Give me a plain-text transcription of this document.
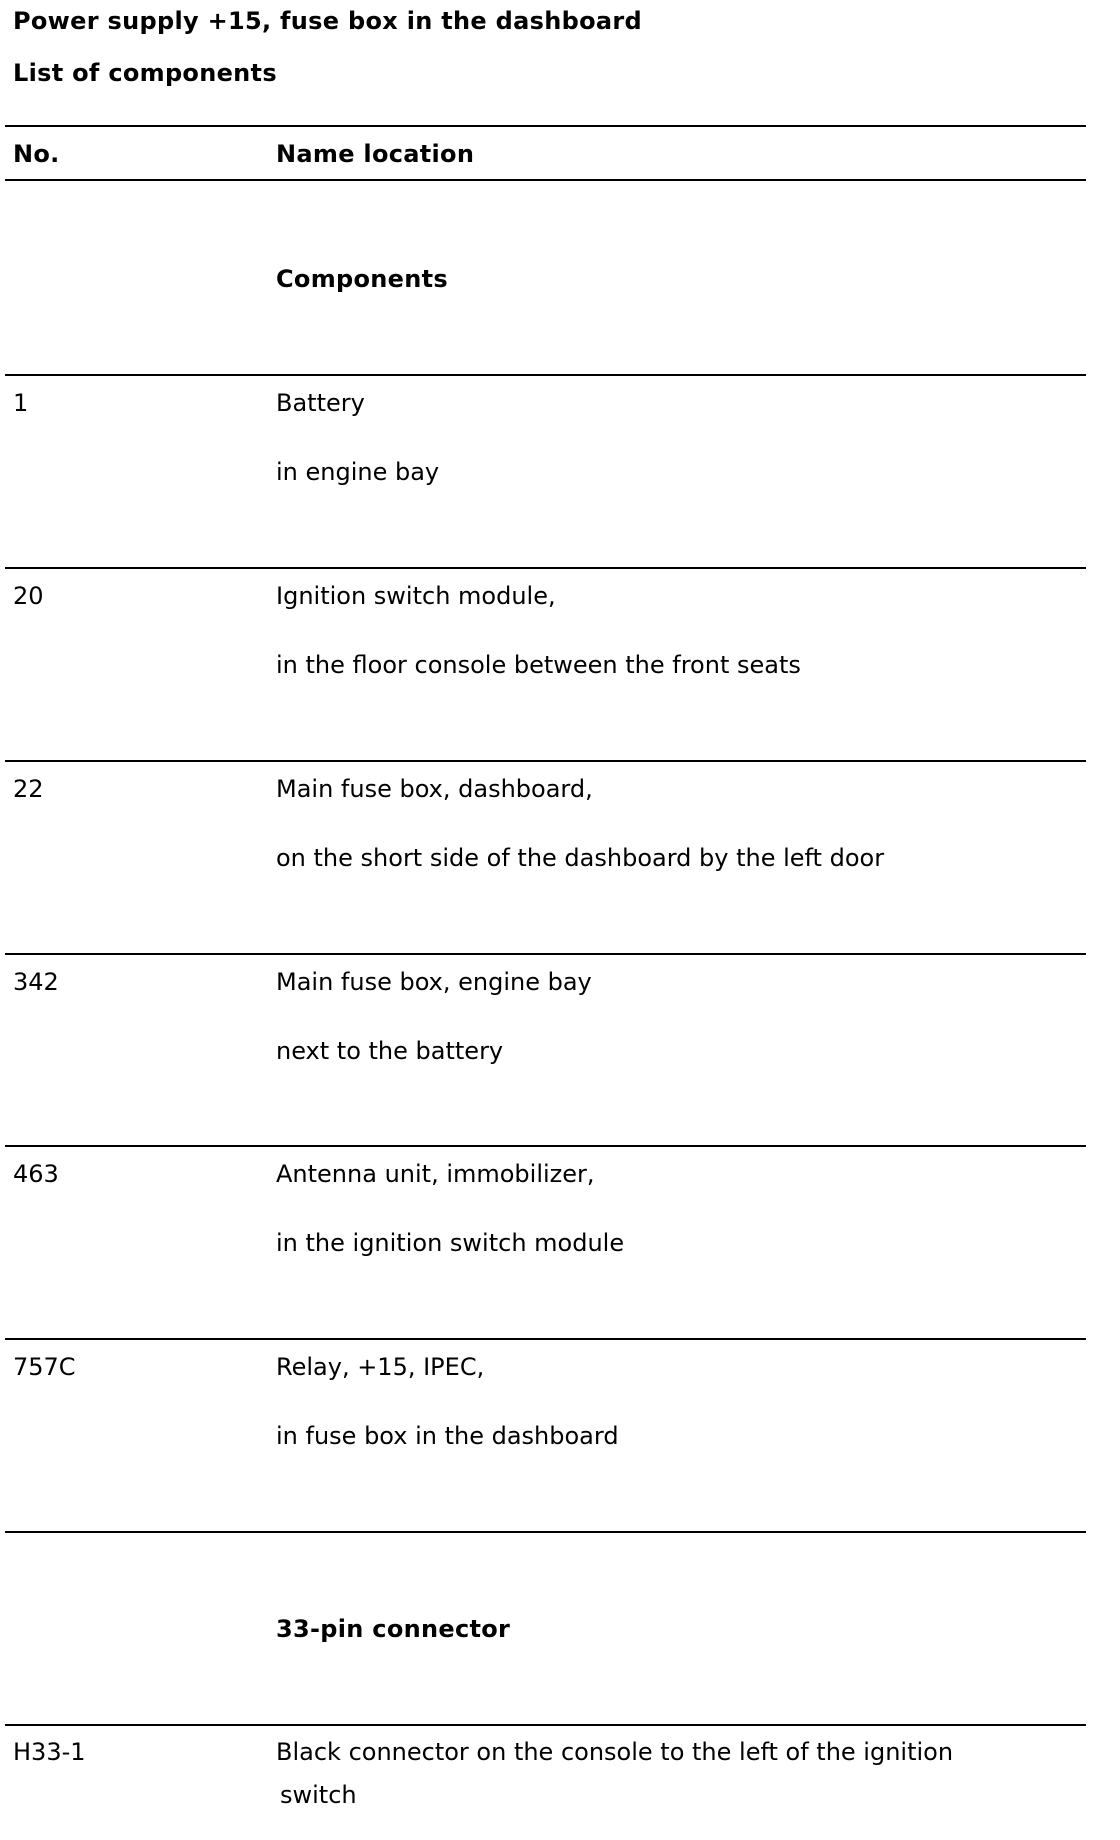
Power supply +15, fuse box in the dashboard
List of components
No.	Name location
Components
1	Battery
in engine bay
20	Ignition switch module,
in the floor console between the front seats
22	Main fuse box, dashboard,
on the short side of the dashboard by the left door
342	Main fuse box, engine bay
next to the battery
463	Antenna unit, immobilizer,
in the ignition switch module
757C	Relay, +15, IPEC,
in fuse box in the dashboard
33-pin connector
H33-1	Black connector on the console to the left of the ignition
switch
